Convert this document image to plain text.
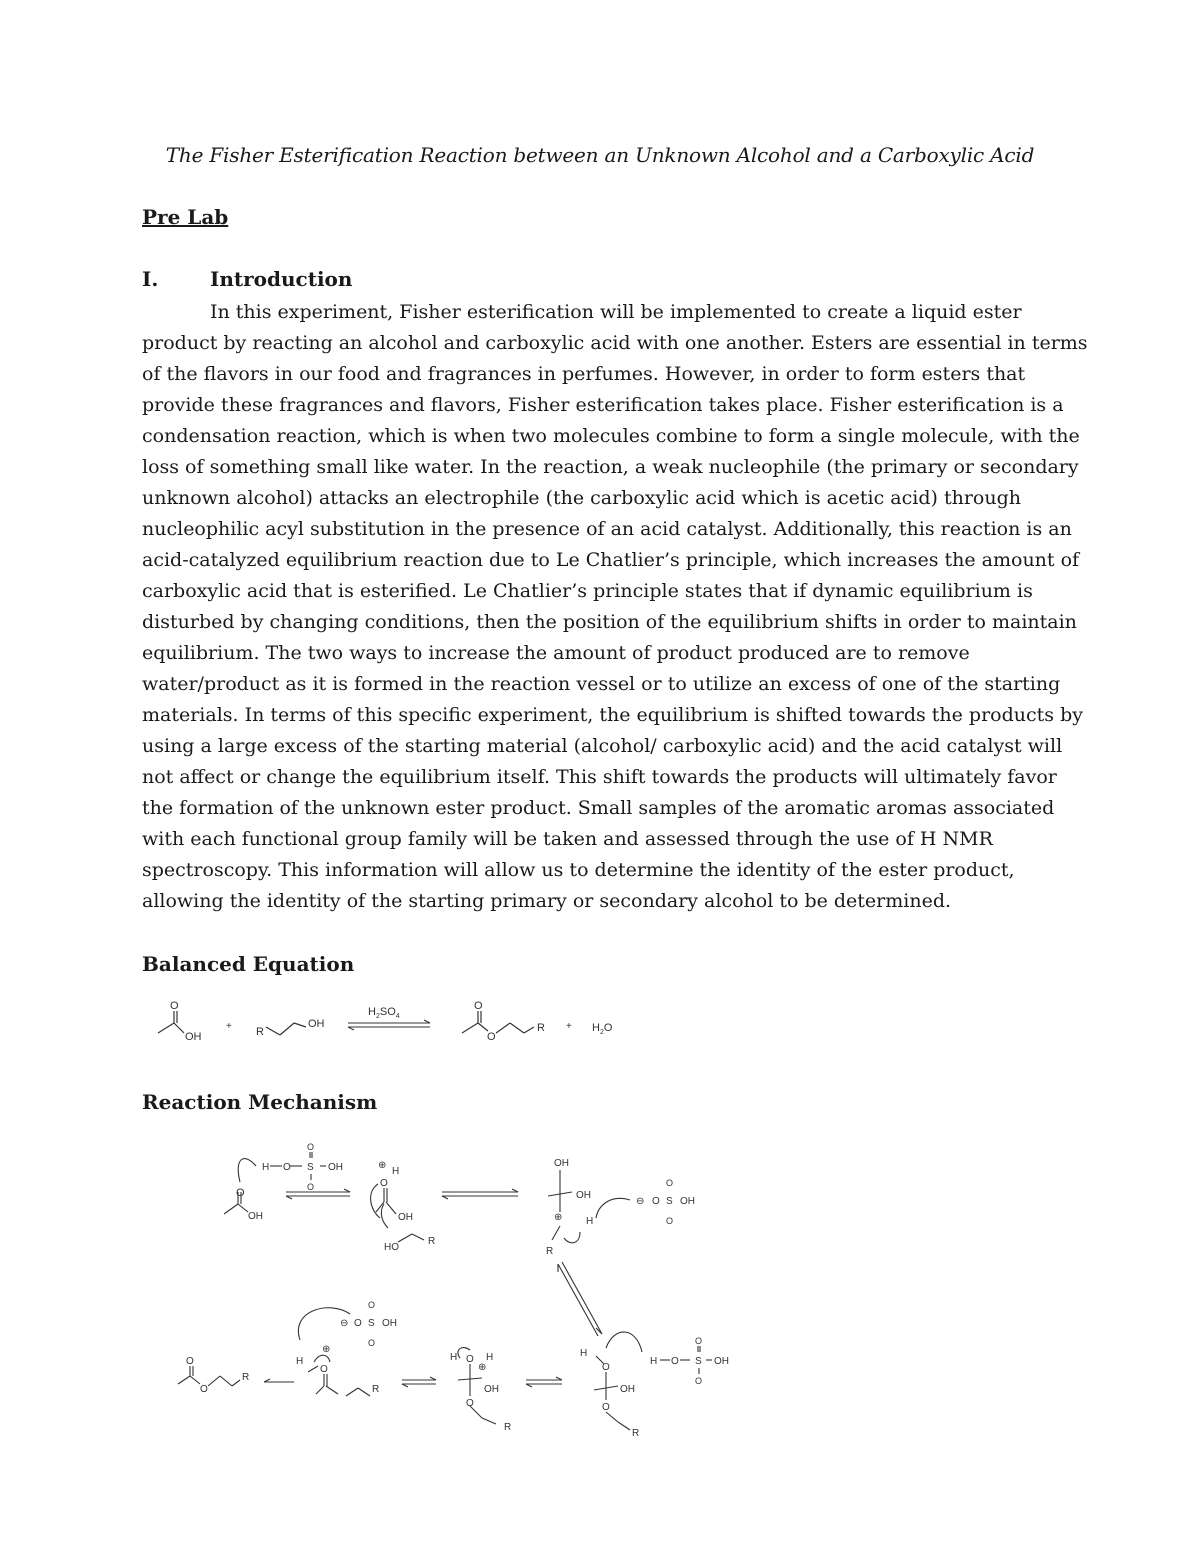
The Fisher Esterification Reaction between an Unknown Alcohol and a Carboxylic Acid
Pre Lab
I.	Introduction

In this experiment, Fisher esterification will be implemented to create a liquid ester
product by reacting an alcohol and carboxylic acid with one another. Esters are essential in terms
of the flavors in our food and fragrances in perfumes. However, in order to form esters that
provide these fragrances and flavors, Fisher esterification takes place. Fisher esterification is a
condensation reaction, which is when two molecules combine to form a single molecule, with the
loss of something small like water. In the reaction, a weak nucleophile (the primary or secondary
unknown alcohol) attacks an electrophile (the carboxylic acid which is acetic acid) through
nucleophilic acyl substitution in the presence of an acid catalyst. Additionally, this reaction is an
acid-catalyzed equilibrium reaction due to Le Chatlier’s principle, which increases the amount of
carboxylic acid that is esterified. Le Chatlier’s principle states that if dynamic equilibrium is
disturbed by changing conditions, then the position of the equilibrium shifts in order to maintain
equilibrium. The two ways to increase the amount of product produced are to remove
water/product as it is formed in the reaction vessel or to utilize an excess of one of the starting
materials. In terms of this specific experiment, the equilibrium is shifted towards the products by
using a large excess of the starting material (alcohol/ carboxylic acid) and the acid catalyst will
not affect or change the equilibrium itself. This shift towards the products will ultimately favor
the formation of the unknown ester product. Small samples of the aromatic aromas associated
with each functional group family will be taken and assessed through the use of H NMR
spectroscopy. This information will allow us to determine the identity of the ester product,
allowing the identity of the starting primary or secondary alcohol to be determined.

Balanced Equation
O
OH
+ R
OH
$H_2SO_4$
O
O
$R + H_2O$
Reaction Mechanism
O
OH
H O S
O
O
OH	⊕
H
O
OH
HO
R
OH
OH
⊕ H
R
⊖ O S
O
O
OH
O
O
R
⊖ O S
O
O
OH
H
⊕
O
R
H	H
O
⊕
OH
O
R
H
O
OH
O
R
H O S
O
O
OH
